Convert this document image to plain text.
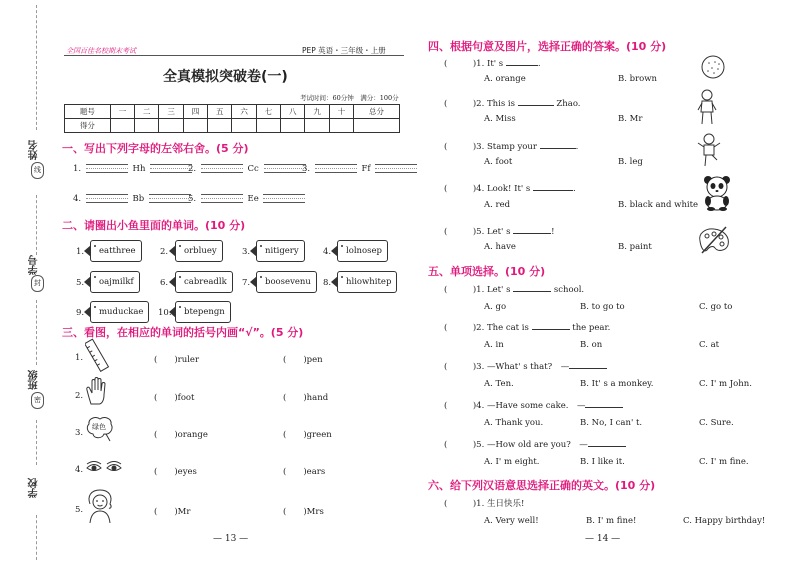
姓名
学号
班级
学校
线
封
密
全国百佳名校期末考试	PEP 英语・三年级・上册
全真模拟突破卷(一)
考试时间：60分钟　满分：100分
题号	一	二	三	四	五	六	七	八	九	十	总分
得分											
一、写出下列字母的左邻右舍。(5 分)
1.	Hh	2.	Cc	3.	Ff
4.	Bb	5.	Ee
二、请圈出小鱼里面的单词。(10 分)
1.	eatthree	2.	orbluey	3.	nitigery	4.	lolnosep
5.	oajmilkf	6.	cabreadlk	7.	boosevenu	8.	hliowhitep
9.	muduckae	10.	btepengn
三、看图，在相应的单词的括号内画“√”。(5 分)
1.	(　　 )ruler	(　　 )pen
2.	(　　 )foot	(　　 )hand
3.
绿色
(　　 )orange	(　　 )green
4.	(　　 )eyes	(　　 )ears
5.	(　　 )Mr	(　　 )Mrs
— 13 —
四、根据句意及图片，选择正确的答案。(10 分)
(　　　	)1. It' s	.
A. orange	B. brown
(　　　	)2. This is	Zhao.
A. Miss	B. Mr
(　　　	)3. Stamp your	.
A. foot	B. leg
(　　　	)4. Look! It' s	.
A. red	B. black and white
(　　　	)5. Let' s	!
A. have	B. paint
五、单项选择。(10 分)
(　　　	)1. Let' s	school.
A. go	B. to go to	C. go to
(　　　	)2. The cat is	the pear.
A. in	B. on	C. at
(　　　	)3. —What' s that?　—
A. Ten.	B. It' s a monkey.	C. I' m John.
(　　　	)4. —Have some cake.　—
A. Thank you.	B. No, I can' t.	C. Sure.
(　　　	)5. —How old are you?　—
A. I' m eight.	B. I like it.	C. I' m fine.
六、给下列汉语意思选择正确的英文。(10 分)
(　　　	)1. 生日快乐!
A. Very well!	B. I' m fine!	C. Happy birthday!
— 14 —
